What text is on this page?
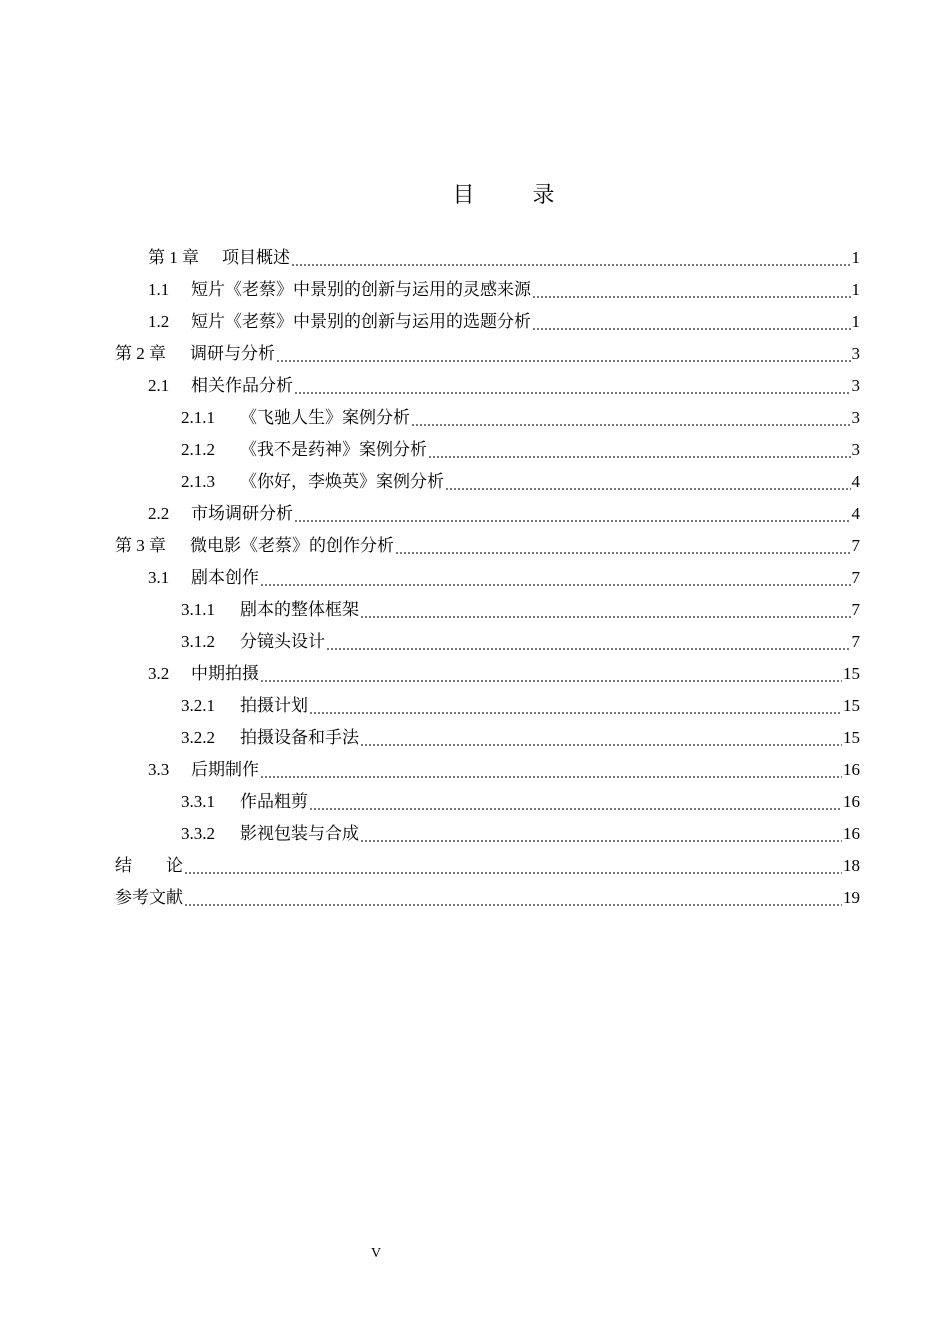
目　录
第 1 章	项目概述	1
1.1	短片《老蔡》中景别的创新与运用的灵感来源	1
1.2	短片《老蔡》中景别的创新与运用的选题分析	1
第 2 章	调研与分析	3
2.1	相关作品分析	3
2.1.1	《飞驰人生》案例分析	3
2.1.2	《我不是药神》案例分析	3
2.1.3	《你好，李焕英》案例分析	4
2.2	市场调研分析	4
第 3 章	微电影《老蔡》的创作分析	7
3.1	剧本创作	7
3.1.1	剧本的整体框架	7
3.1.2	分镜头设计	7
3.2	中期拍摄	15
3.2.1	拍摄计划	15
3.2.2	拍摄设备和手法	15
3.3	后期制作	16
3.3.1	作品粗剪	16
3.3.2	影视包装与合成	16
结　　论	18
参考文献	19
V
